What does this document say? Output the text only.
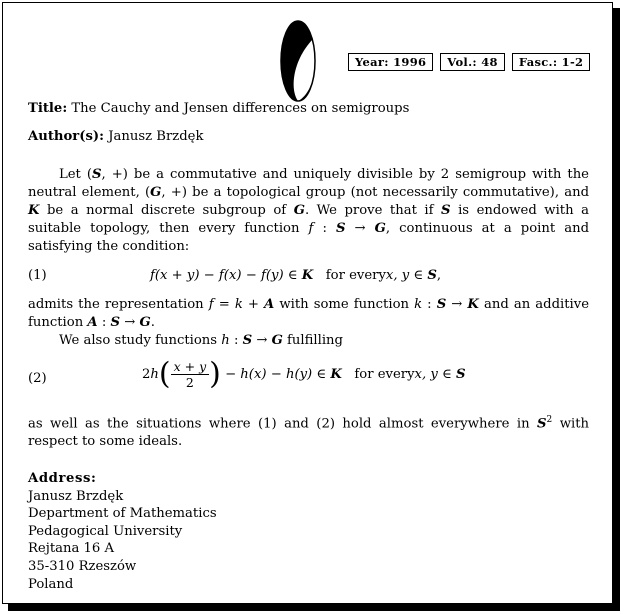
Year: 1996	Vol.: 48	Fasc.: 1-2
Title: The Cauchy and Jensen differences on semigroups
Author(s): Janusz Brzdęk

Let (S, +) be a commutative and uniquely divisible by 2 semigroup with the neutral element, (G, +) be a topological group (not necessarily commutative), and K be a normal discrete subgroup of G. We prove that if S is endowed with a suitable topology, then every function f : S → G, continuous at a point and satisfying the condition:

(1)	f(x + y) − f(x) − f(y) ∈ K   for everyx, y ∈ S,

admits the representation f = k + A with some function k : S → K and an additive function A : S → G.

We also study functions h : S → G fulfilling

(2)	$2h( \frac{x + y}{2}$ ) − h(x) − h(y) ∈ K   for everyx, y ∈ S

as well as the situations where (1) and (2) hold almost everywhere in $S^2$ with respect to some ideals.

Address:
Janusz Brzdęk
Department of Mathematics
Pedagogical University
Rejtana 16 A
35-310 Rzeszów
Poland
